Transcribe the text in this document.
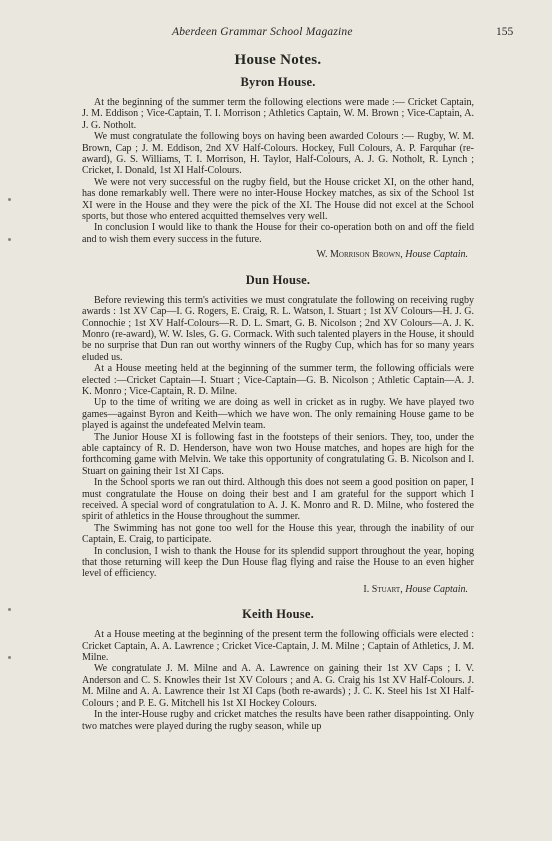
Aberdeen Grammar School Magazine	155
House Notes.
Byron House.

At the beginning of the summer term the following elections were made :— Cricket Captain, J. M. Eddison ; Vice-Captain, T. I. Morrison ; Athletics Captain, W. M. Brown ; Vice-Captain, A. J. G. Notholt.

We must congratulate the following boys on having been awarded Colours :— Rugby, W. M. Brown, Cap ; J. M. Eddison, 2nd XV Half-Colours. Hockey, Full Colours, A. P. Farquhar (re-award), G. S. Williams, T. I. Morrison, H. Taylor, Half-Colours, A. J. G. Notholt, R. Lynch ; Cricket, I. Donald, 1st XI Half-Colours.

We were not very successful on the rugby field, but the House cricket XI, on the other hand, has done remarkably well. There were no inter-House Hockey matches, as six of the School 1st XI were in the House and they were the pick of the XI. The House did not excel at the School sports, but those who entered acquitted themselves very well.

In conclusion I would like to thank the House for their co-operation both on and off the field and to wish them every success in the future.

W. Morrison Brown, House Captain.

Dun House.

Before reviewing this term's activities we must congratulate the following on receiving rugby awards : 1st XV Cap—I. G. Rogers, E. Craig, R. L. Watson, I. Stuart ; 1st XV Colours—H. J. G. Connochie ; 1st XV Half-Colours—R. D. L. Smart, G. B. Nicolson ; 2nd XV Colours—A. J. K. Monro (re-award), W. W. Isles, G. G. Cormack. With such talented players in the House, it should be no surprise that Dun ran out worthy winners of the Rugby Cup, which has for so many years eluded us.

At a House meeting held at the beginning of the summer term, the following officials were elected :—Cricket Captain—I. Stuart ; Vice-Captain—G. B. Nicolson ; Athletic Captain—A. J. K. Monro ; Vice-Captain, R. D. Milne.

Up to the time of writing we are doing as well in cricket as in rugby. We have played two games—against Byron and Keith—which we have won. The only remaining House game to be played is against the undefeated Melvin team.

The Junior House XI is following fast in the footsteps of their seniors. They, too, under the able captaincy of R. D. Henderson, have won two House matches, and hopes are high for the forthcoming game with Melvin. We take this opportunity of congratulating G. B. Nicolson and I. Stuart on gaining their 1st XI Caps.

In the School sports we ran out third. Although this does not seem a good position on paper, I must congratulate the House on doing their best and I am grateful for the support which I received. A special word of congratulation to A. J. K. Monro and R. D. Milne, who fostered the spirit of athletics in the House throughout the summer.

The Swimming has not gone too well for the House this year, through the inability of our Captain, E. Craig, to participate.

In conclusion, I wish to thank the House for its splendid support throughout the year, hoping that those returning will keep the Dun House flag flying and raise the House to an even higher level of efficiency.

I. Stuart, House Captain.

Keith House.

At a House meeting at the beginning of the present term the following officials were elected : Cricket Captain, A. A. Lawrence ; Cricket Vice-Captain, J. M. Milne ; Captain of Athletics, J. M. Milne.

We congratulate J. M. Milne and A. A. Lawrence on gaining their 1st XV Caps ; I. V. Anderson and C. S. Knowles their 1st XV Colours ; and A. G. Craig his 1st XV Half-Colours. J. M. Milne and A. A. Lawrence their 1st XI Caps (both re-awards) ; J. C. K. Steel his 1st XI Half-Colours ; and P. E. G. Mitchell his 1st XI Hockey Colours.

In the inter-House rugby and cricket matches the results have been rather disappointing. Only two matches were played during the rugby season, while up
